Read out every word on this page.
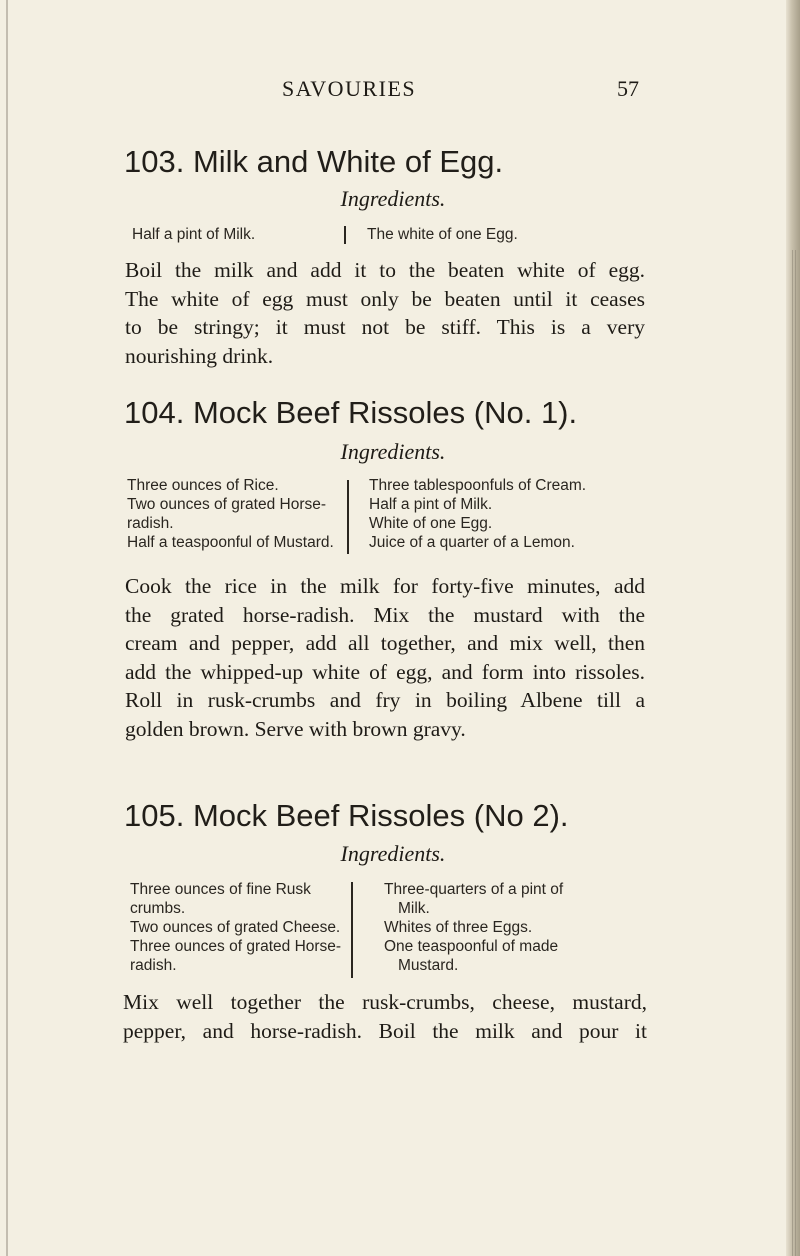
SAVOURIES	57
103. Milk and White of Egg.
Ingredients.
Half a pint of Milk.	The white of one Egg.
Boil the milk and add it to the beaten white of egg.
The white of egg must only be beaten until it ceases
to be stringy; it must not be stiff. This is a very
nourishing drink.
104. Mock Beef Rissoles (No. 1).
Ingredients.
Three ounces of Rice.
Two ounces of grated Horse-
radish.
Half a teaspoonful of Mustard.
Three tablespoonfuls of Cream.
Half a pint of Milk.
White of one Egg.
Juice of a quarter of a Lemon.
Cook the rice in the milk for forty-five minutes, add
the grated horse-radish. Mix the mustard with the
cream and pepper, add all together, and mix well, then
add the whipped-up white of egg, and form into rissoles.
Roll in rusk-crumbs and fry in boiling Albene till a
golden brown. Serve with brown gravy.
105. Mock Beef Rissoles (No 2).
Ingredients.
Three ounces of fine Rusk
crumbs.
Two ounces of grated Cheese.
Three ounces of grated Horse-
radish.
Three-quarters of a pint of
Milk.
Whites of three Eggs.
One teaspoonful of made
Mustard.
Mix well together the rusk-crumbs, cheese, mustard,
pepper, and horse-radish. Boil the milk and pour it
